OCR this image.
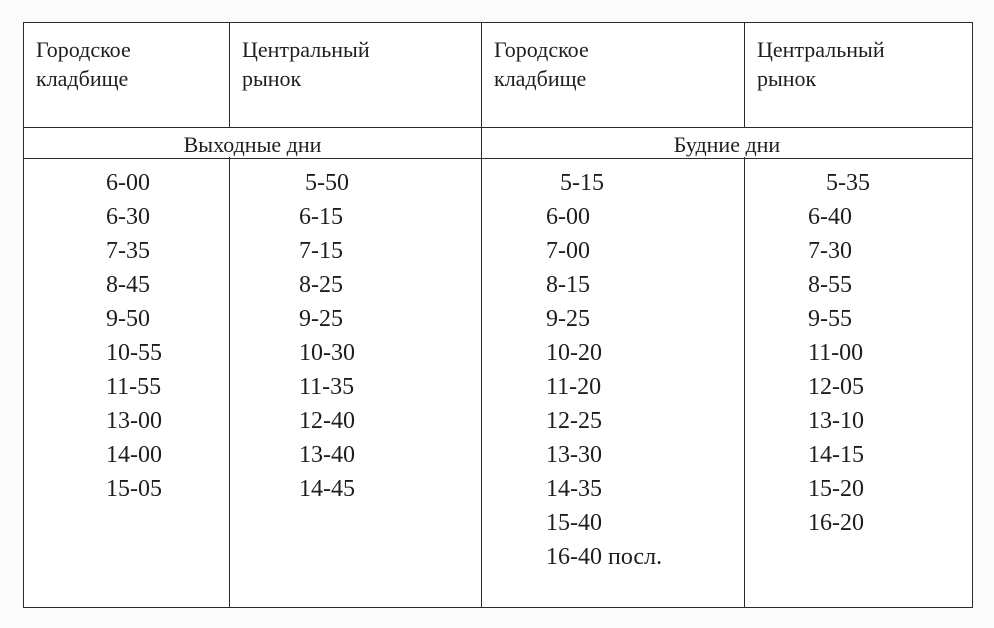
Городское
кладбище
Центральный
рынок
Городское
кладбище
Центральный
рынок
Выходные дни	Будние дни
6-00
6-30
7-35
8-45
9-50
10-55
11-55
13-00
14-00
15-05
5-50
6-15
7-15
8-25
9-25
10-30
11-35
12-40
13-40
14-45
5-15
6-00
7-00
8-15
9-25
10-20
11-20
12-25
13-30
14-35
15-40
16-40 посл.
5-35
6-40
7-30
8-55
9-55
11-00
12-05
13-10
14-15
15-20
16-20
